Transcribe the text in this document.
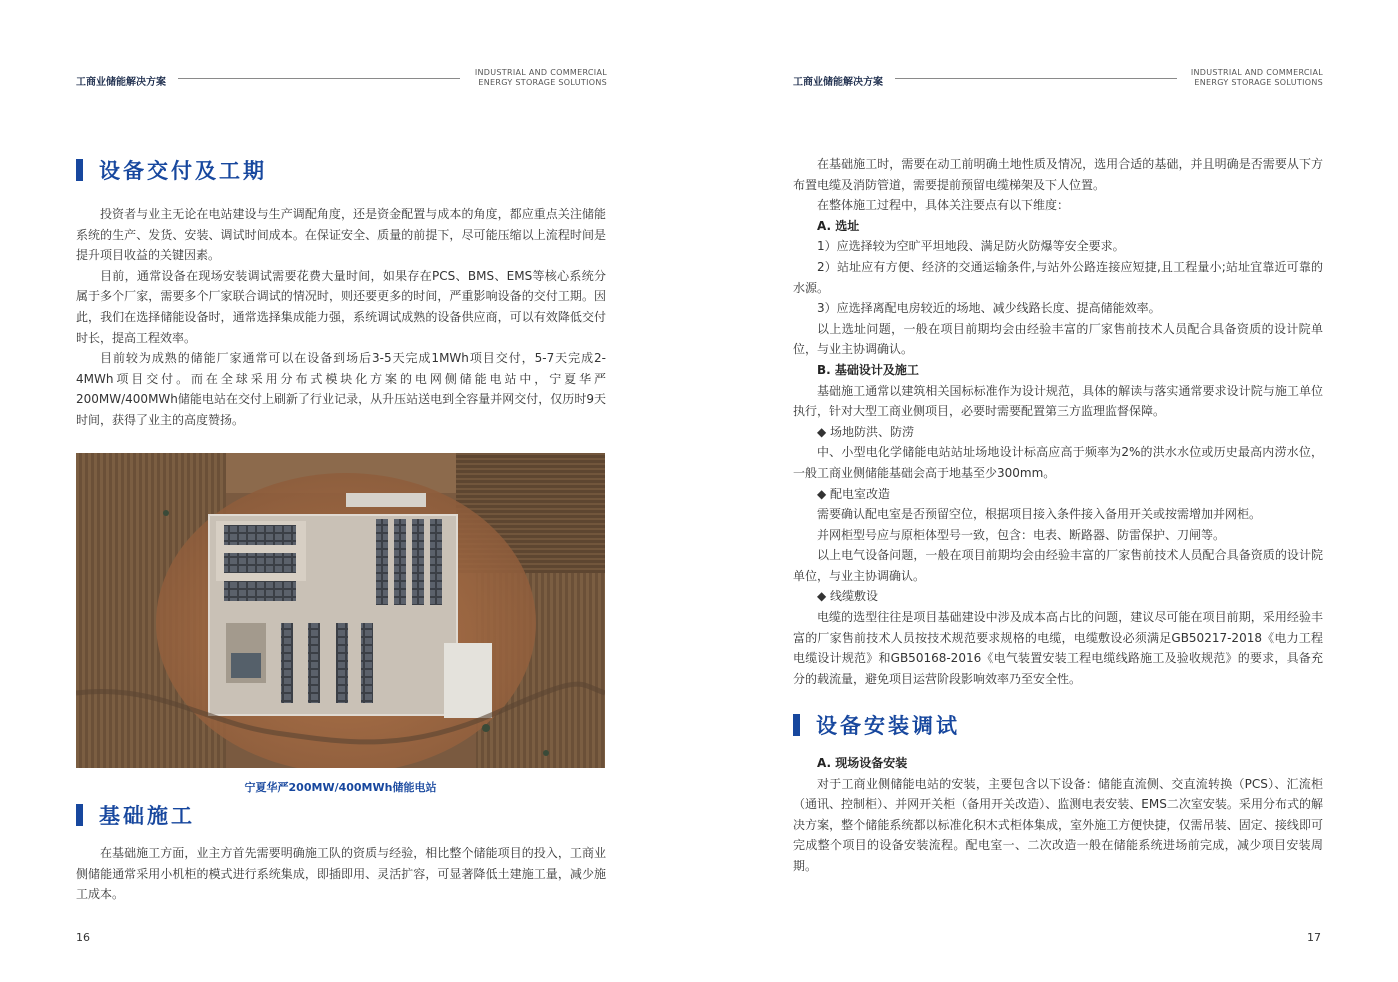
工商业储能解决方案
INDUSTRIAL AND COMMERCIAL
ENERGY STORAGE SOLUTIONS
设备交付及工期

投资者与业主无论在电站建设与生产调配角度，还是资金配置与成本的角度，都应重点关注储能系统的生产、发货、安装、调试时间成本。在保证安全、质量的前提下，尽可能压缩以上流程时间是提升项目收益的关键因素。

目前，通常设备在现场安装调试需要花费大量时间，如果存在PCS、BMS、EMS等核心系统分属于多个厂家，需要多个厂家联合调试的情况时，则还要更多的时间，严重影响设备的交付工期。因此，我们在选择储能设备时，通常选择集成能力强，系统调试成熟的设备供应商，可以有效降低交付时长，提高工程效率。

目前较为成熟的储能厂家通常可以在设备到场后3-5天完成1MWh项目交付，5-7天完成2-4MWh项目交付。而在全球采用分布式模块化方案的电网侧储能电站中，宁夏华严200MW/400MWh储能电站在交付上刷新了行业记录，从升压站送电到全容量并网交付，仅历时9天时间，获得了业主的高度赞扬。

宁夏华严200MW/400MWh储能电站
基础施工

在基础施工方面，业主方首先需要明确施工队的资质与经验，相比整个储能项目的投入，工商业侧储能通常采用小机柜的模式进行系统集成，即插即用、灵活扩容，可显著降低土建施工量，减少施工成本。

16
工商业储能解决方案
INDUSTRIAL AND COMMERCIAL
ENERGY STORAGE SOLUTIONS

在基础施工时，需要在动工前明确土地性质及情况，选用合适的基础，并且明确是否需要从下方布置电缆及消防管道，需要提前预留电缆梯架及下人位置。

在整体施工过程中，具体关注要点有以下维度：

A. 选址

1）应选择较为空旷平坦地段、满足防火防爆等安全要求。

2）站址应有方便、经济的交通运输条件,与站外公路连接应短捷,且工程量小;站址宜靠近可靠的水源。

3）应选择离配电房较近的场地、减少线路长度、提高储能效率。

以上选址问题，一般在项目前期均会由经验丰富的厂家售前技术人员配合具备资质的设计院单位，与业主协调确认。

B. 基础设计及施工

基础施工通常以建筑相关国标标准作为设计规范，具体的解读与落实通常要求设计院与施工单位执行，针对大型工商业侧项目，必要时需要配置第三方监理监督保障。

◆ 场地防洪、防涝

中、小型电化学储能电站站址场地设计标高应高于频率为2%的洪水水位或历史最高内涝水位，一般工商业侧储能基础会高于地基至少300mm。

◆ 配电室改造

需要确认配电室是否预留空位，根据项目接入条件接入备用开关或按需增加并网柜。

并网柜型号应与原柜体型号一致，包含：电表、断路器、防雷保护、刀闸等。

以上电气设备问题，一般在项目前期均会由经验丰富的厂家售前技术人员配合具备资质的设计院单位，与业主协调确认。

◆ 线缆敷设

电缆的选型往往是项目基础建设中涉及成本高占比的问题，建议尽可能在项目前期，采用经验丰富的厂家售前技术人员按技术规范要求规格的电缆，电缆敷设必须满足GB50217-2018《电力工程电缆设计规范》和GB50168-2016《电气装置安装工程电缆线路施工及验收规范》的要求，具备充分的载流量，避免项目运营阶段影响效率乃至安全性。

设备安装调试

A. 现场设备安装

对于工商业侧储能电站的安装，主要包含以下设备：储能直流侧、交直流转换（PCS）、汇流柜（通讯、控制柜）、并网开关柜（备用开关改造）、监测电表安装、EMS二次室安装。采用分布式的解决方案，整个储能系统都以标准化积木式柜体集成，室外施工方便快捷，仅需吊装、固定、接线即可完成整个项目的设备安装流程。配电室一、二次改造一般在储能系统进场前完成，减少项目安装周期。

17
